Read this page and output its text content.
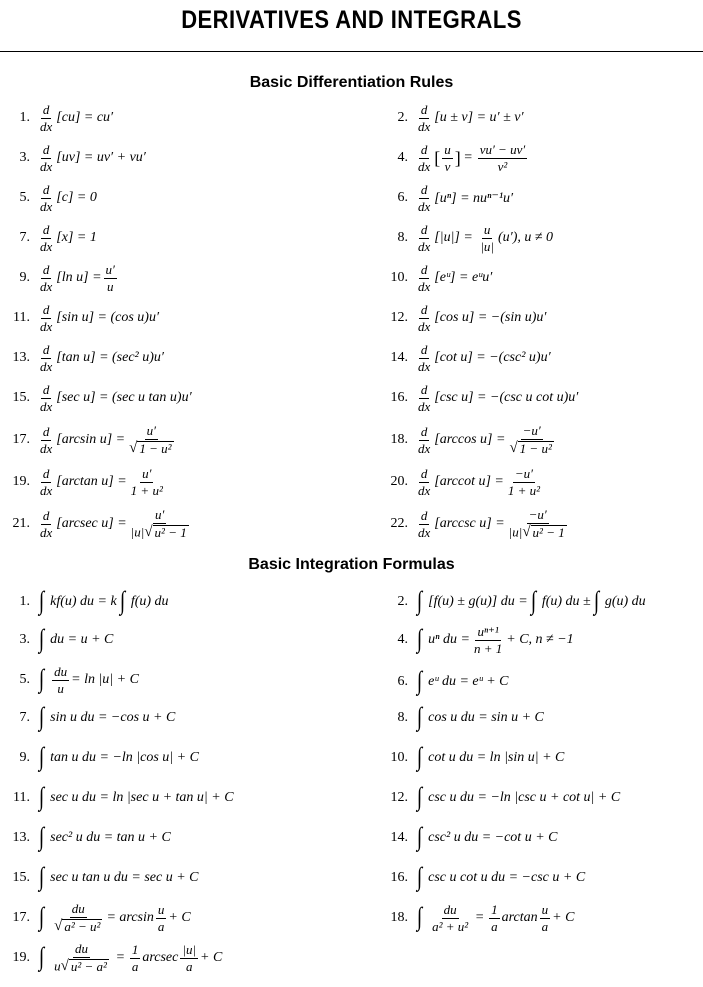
DERIVATIVES AND INTEGRALS
Basic Differentiation Rules
1. $\frac{d}{dx} [cu] = cu'$	2. $\frac{d}{dx} [u \pm v] = u' \pm v'$
3. $\frac{d}{dx} [uv] = uv' + vu'$	4. $\frac{d}{dx}$ [ $\frac{u}{v}$ ] = $\frac{vu' - uv'}{\text{v²}}$
5. $\frac{d}{dx} [c] = 0$	6. $\frac{d}{dx} [u^n] = nu^{n-1}u'$
7. $\frac{d}{dx} [x] = 1$	8. $\frac{d}{dx} [|u|] = \frac{u}{|u|} (u')$, u ≠ 0
9. $\frac{d}{dx} [\ln$ $u] = \frac{u'}{u}$	10. $\frac{d}{dx}$ [eᵘ] = eᵘu′
11. $\frac{d}{dx} [\sin$ u] = (cos u)u′	12. $\frac{d}{dx} [\cos$ u] = −(sin u)u′
13. $\frac{d}{dx} [\tan$ u] = (sec² u)u′	14. $\frac{d}{dx} [\cot$ u] = −(csc² u)u′
15. $\frac{d}{dx} [\sec$ u] = (sec u tan u)u′	16. $\frac{d}{dx} [\csc$ u] = −(csc u cot u)u′
17. $\frac{d}{dx} [\arcsin$ $u] = \frac{u'}{\text{√ 1 − u²}}$	18. $\frac{d}{dx} [\arccos$ $u] = \frac{-u'}{\text{√ 1 − u²}}$
19. $\frac{d}{dx} [\arctan$ $u] = \frac{u'}{\text{1 + u²}}$	20. $\frac{d}{dx} [arccot$ $u] = \frac{-u'}{\text{1 + u²}}$
21. $\frac{d}{dx} [arcsec$ $u] = \frac{u'}{\text{|u| √ u² − 1}}$	22. $\frac{d}{dx} [arccsc$ $u] = \frac{-u'}{\text{|u| √ u² − 1}}$
Basic Integration Formulas
1. ∫ kf(u) du = k ∫ f(u) du	2. ∫ [f(u) ± g(u)] du = ∫ f(u) du ± ∫ g(u) du
3. ∫ du = u + C	4. ∫ uⁿ du = $\frac{\text{uⁿ⁺¹}}{n + 1} + C$, n ≠ −1
5. ∫ $\frac{du}{u} = \ln |u| + C$	6. ∫ eᵘ du = eᵘ + C
7. ∫ sin u du = −cos u + C	8. ∫ cos u du = sin u + C
9. ∫ tan u du = −ln |cos u| + C	10. ∫ cot u du = ln |sin u| + C
11. ∫ sec u du = ln |sec u + tan u| + C	12. ∫ csc u du = −ln |csc u + cot u| + C
13. ∫ sec² u du = tan u + C	14. ∫ csc² u du = −cot u + C
15. ∫ sec u tan u du = sec u + C	16. ∫ csc u cot u du = −csc u + C
17. ∫ $\frac{du}{\text{√ a² − u²}} = \arcsin \frac{u}{a} + C$	18. ∫ $\frac{du}{\text{a² + u²}} = \frac{1}{a}$ $\arctan \frac{u}{a} + C$
19. ∫ $\frac{du}{\text{u √ u² − a²}} = \frac{1}{a}$ arcsec $\frac{|u|}{a} + C$
